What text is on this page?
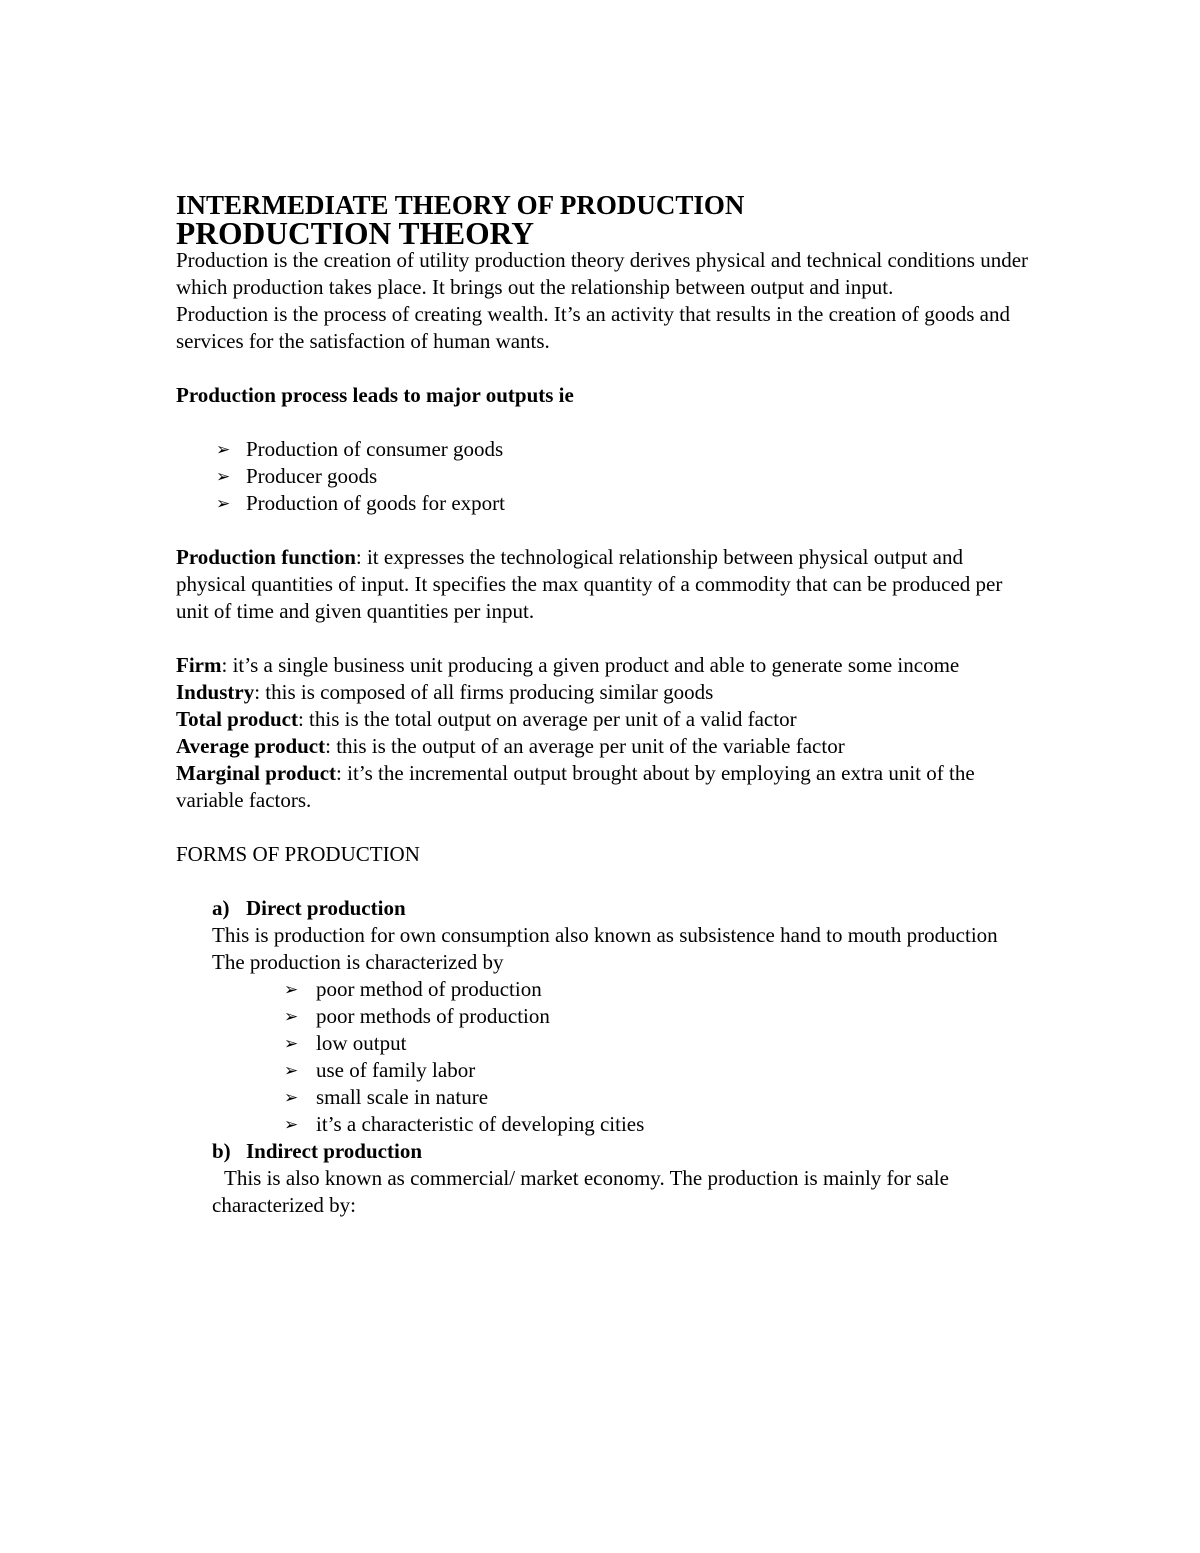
INTERMEDIATE THEORY OF PRODUCTION
PRODUCTION THEORY

Production is the creation of utility production theory derives physical and technical conditions under which production takes place. It brings out the relationship between output and input.

Production is the process of creating wealth. It’s an activity that results in the creation of goods and services for the satisfaction of human wants.

Production process leads to major outputs ie

➢ Production of consumer goods
➢ Producer goods
➢ Production of goods for export

Production function: it expresses the technological relationship between physical output and physical quantities of input. It specifies the max quantity of a commodity that can be produced per unit of time and given quantities per input.

Firm: it’s a single business unit producing a given product and able to generate some income

Industry: this is composed of all firms producing similar goods

Total product: this is the total output on average per unit of a valid factor

Average product: this is the output of an average per unit of the variable factor

Marginal product: it’s the incremental output brought about by employing an extra unit of the variable factors.

FORMS OF PRODUCTION

a) Direct production

This is production for own consumption also known as subsistence hand to mouth production

The production is characterized by

➢ poor method of production
➢ poor methods of production
➢ low output
➢ use of family labor
➢ small scale in nature
➢ it’s a characteristic of developing cities

b) Indirect production

This is also known as commercial/ market economy. The production is mainly for sale characterized by:
